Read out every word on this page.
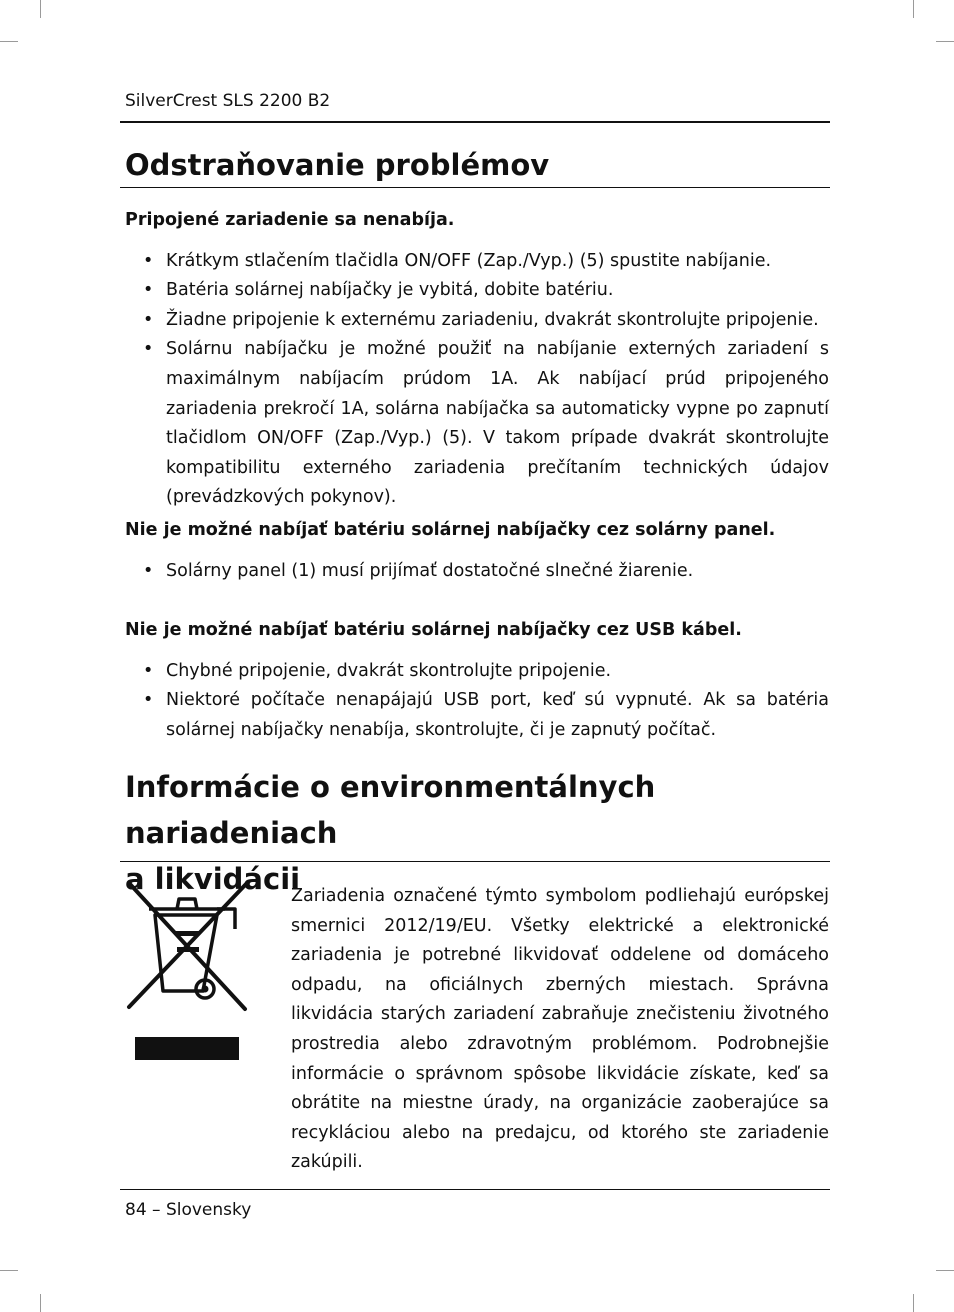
SilverCrest SLS 2200 B2
Odstraňovanie problémov

Pripojené zariadenie sa nenabíja.

• Krátkym stlačením tlačidla ON/OFF (Zap./Vyp.) (5) spustite nabíjanie.
• Batéria solárnej nabíjačky je vybitá, dobite batériu.
• Žiadne pripojenie k externému zariadeniu, dvakrát skontrolujte pripojenie.
• Solárnu nabíjačku je možné použiť na nabíjanie externých zariadení s maximálnym nabíjacím prúdom 1A. Ak nabíjací prúd pripojeného zariadenia prekročí 1A, solárna nabíjačka sa automaticky vypne po zapnutí tlačidlom ON/OFF (Zap./Vyp.) (5). V takom prípade dvakrát skontrolujte kompatibilitu externého zariadenia prečítaním technických údajov (prevádzkových pokynov).

Nie je možné nabíjať batériu solárnej nabíjačky cez solárny panel.

• Solárny panel (1) musí prijímať dostatočné slnečné žiarenie.

Nie je možné nabíjať batériu solárnej nabíjačky cez USB kábel.

• Chybné pripojenie, dvakrát skontrolujte pripojenie.
• Niektoré počítače nenapájajú USB port, keď sú vypnuté. Ak sa batéria solárnej nabíjačky nenabíja, skontrolujte, či je zapnutý počítač.
Informácie o environmentálnych nariadeniach
a likvidácii
Zariadenia označené týmto symbolom podliehajú európskej smernici 2012/19/EU. Všetky elektrické a elektronické zariadenia je potrebné likvidovať oddelene od domáceho odpadu, na oficiálnych zberných miestach. Správna likvidácia starých zariadení zabraňuje znečisteniu životného prostredia alebo zdravotným problémom. Podrobnejšie informácie o správnom spôsobe likvidácie získate, keď sa obrátite na miestne úrady, na organizácie zaoberajúce sa recykláciou alebo na predajcu, od ktorého ste zariadenie zakúpili.
84 – Slovensky
